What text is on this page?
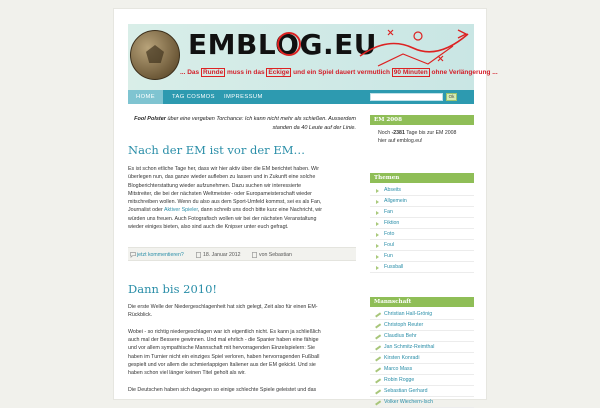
EMBLOG.EU
... Das Runde muss in das Eckige und ein Spiel dauert vermutlich 90 Minuten ohne Verlängerung ...
HOME	TAG COSMOS	IMPRESSUM	Ok
Fool Polster über eine vergeben Torchance: Ich kann nicht mehr als schießen. Ausserdem
standen da 40 Leute auf der Linie.
Nach der EM ist vor der EM…
Es ist schon etliche Tage her, dass wir hier aktiv über die EM berichtet haben. Wir
überlegen nun, das ganze wieder aufleben zu lassen und in Zukunft eine solche
Blogberichterstattung wieder aufzunehmen. Dazu suchen wir interessierte
Mitstreiter, die bei der nächsten Weltmeister- oder Europameisterschaft wieder
mitschreiben wollen. Wenn du also aus dem Sport-Umfeld kommst, sei es als Fan,
Journalist oder Aktiver Spieler, dann schreib uns doch bitte kurz eine Nachricht, wir
würden uns freuen. Auch Fotografisch wollen wir bei der nächsten Veranstaltung
wieder einiges bieten, also sind auch die Knipser unter euch gefragt.
jetzt kommentieren?	18. Januar 2012	von Sebastian
Dann bis 2010!
Die erste Welle der Niedergeschlagenheit hat sich gelegt, Zeit also für einen EM-
Rückblick.
Wobei - so richtig niedergeschlagen war ich eigentlich nicht. Es kann ja schließlich
auch mal der Bessere gewinnen. Und mal ehrlich - die Spanier haben eine fähige
und vor allem sympathische Mannschaft mit hervorragenden Einzelspielern: Sie
haben im Turnier nicht ein einziges Spiel verloren, haben hervorragenden Fußball
gespielt und vor allem die schmierlappigen Italiener aus der EM gekickt. Und sie
haben schon viel länger keinen Titel geholt als wir.
Die Deutschen haben sich dagegen so einige schlechte Spiele geleistet und das
EM 2008
Noch -2381 Tage bis zur EM 2008
hier auf emblog.eu!
Themen
Abseits
Allgemein
Fan
Fiktion
Foto
Foul
Fun
Fussball
Mannschaft
Christian Hall-Grönig
Christoph Reuter
Claudius Behr
Jan Schmitz-Reimthal
Kirsten Konradi
Marco Mass
Robin Rogge
Sebastian Gerhard
Volker Wiechern-Isch
